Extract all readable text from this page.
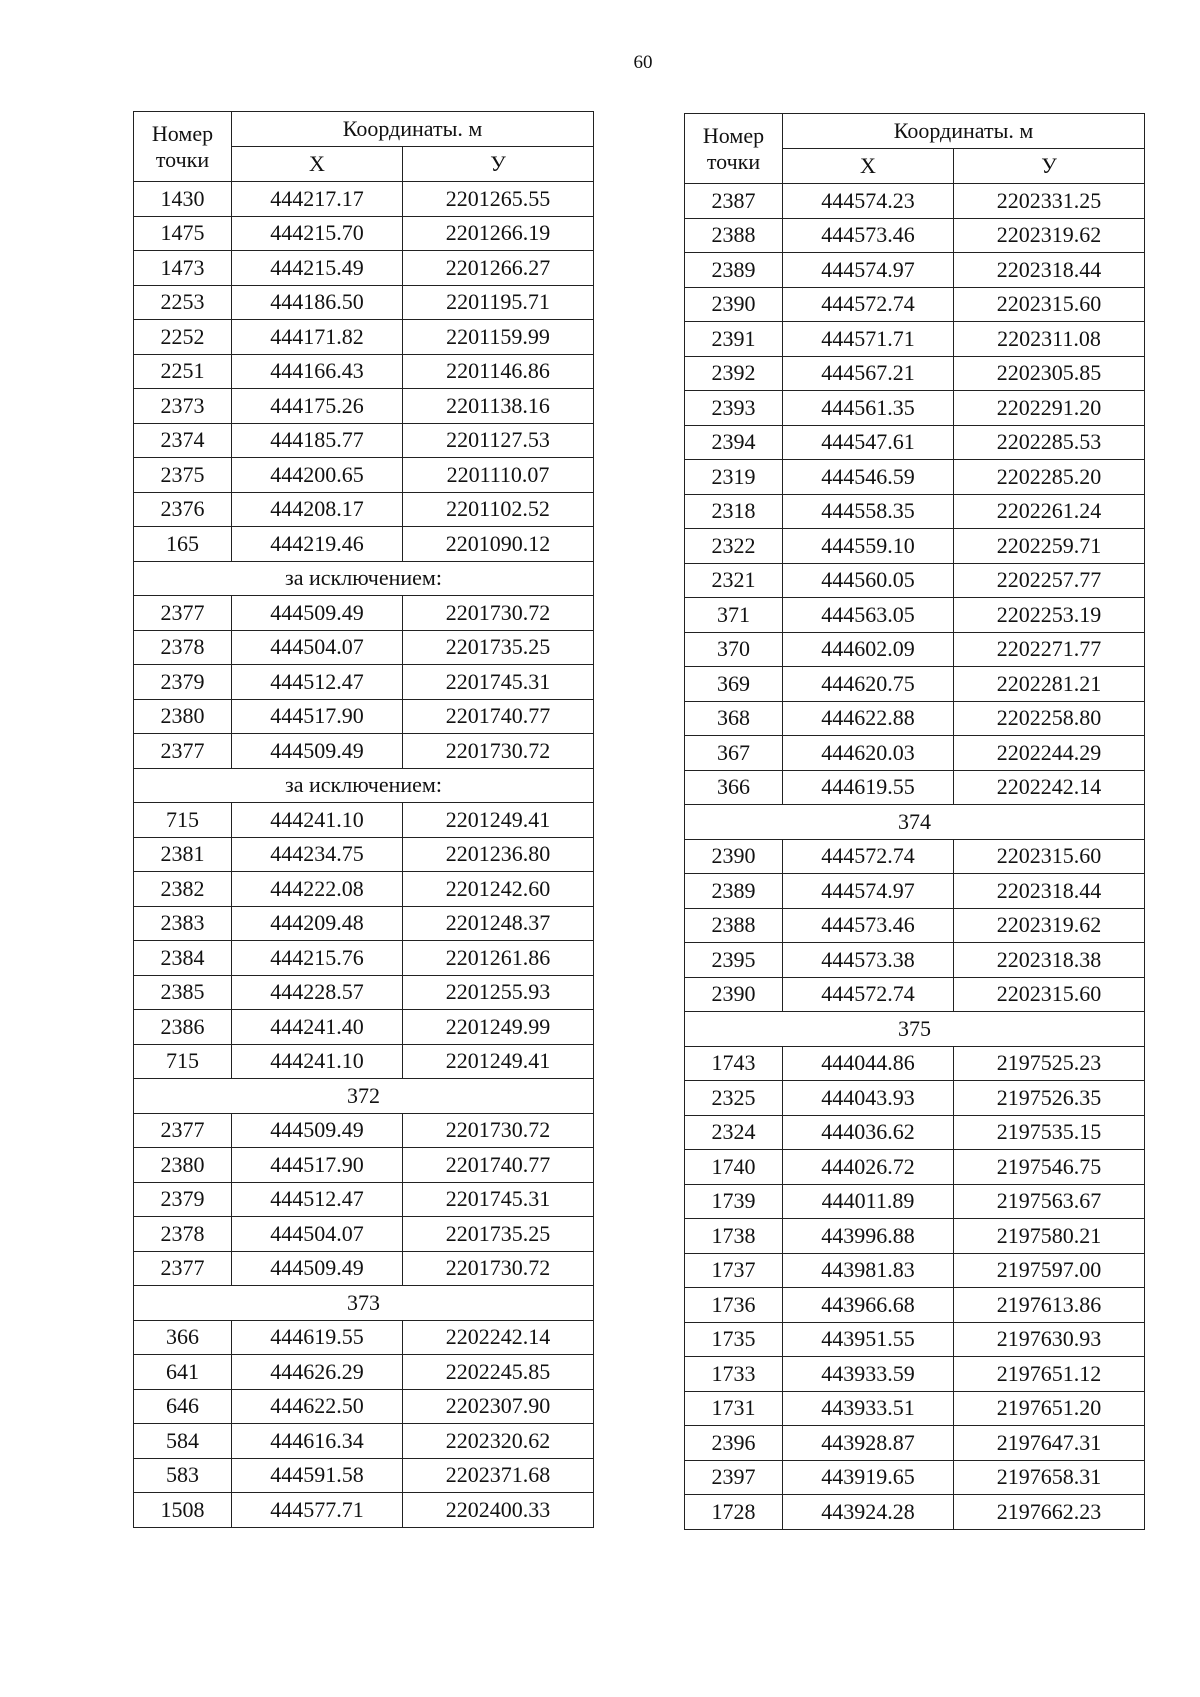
60
Номер точки	Координаты. м	
	X	У
1430	444217.17	2201265.55
1475	444215.70	2201266.19
1473	444215.49	2201266.27
2253	444186.50	2201195.71
2252	444171.82	2201159.99
2251	444166.43	2201146.86
2373	444175.26	2201138.16
2374	444185.77	2201127.53
2375	444200.65	2201110.07
2376	444208.17	2201102.52
165	444219.46	2201090.12
за исключением:		
2377	444509.49	2201730.72
2378	444504.07	2201735.25
2379	444512.47	2201745.31
2380	444517.90	2201740.77
2377	444509.49	2201730.72
за исключением:		
715	444241.10	2201249.41
2381	444234.75	2201236.80
2382	444222.08	2201242.60
2383	444209.48	2201248.37
2384	444215.76	2201261.86
2385	444228.57	2201255.93
2386	444241.40	2201249.99
715	444241.10	2201249.41
372		
2377	444509.49	2201730.72
2380	444517.90	2201740.77
2379	444512.47	2201745.31
2378	444504.07	2201735.25
2377	444509.49	2201730.72
373		
366	444619.55	2202242.14
641	444626.29	2202245.85
646	444622.50	2202307.90
584	444616.34	2202320.62
583	444591.58	2202371.68
1508	444577.71	2202400.33
Номер точки	Координаты. м	
	X	У
2387	444574.23	2202331.25
2388	444573.46	2202319.62
2389	444574.97	2202318.44
2390	444572.74	2202315.60
2391	444571.71	2202311.08
2392	444567.21	2202305.85
2393	444561.35	2202291.20
2394	444547.61	2202285.53
2319	444546.59	2202285.20
2318	444558.35	2202261.24
2322	444559.10	2202259.71
2321	444560.05	2202257.77
371	444563.05	2202253.19
370	444602.09	2202271.77
369	444620.75	2202281.21
368	444622.88	2202258.80
367	444620.03	2202244.29
366	444619.55	2202242.14
374		
2390	444572.74	2202315.60
2389	444574.97	2202318.44
2388	444573.46	2202319.62
2395	444573.38	2202318.38
2390	444572.74	2202315.60
375		
1743	444044.86	2197525.23
2325	444043.93	2197526.35
2324	444036.62	2197535.15
1740	444026.72	2197546.75
1739	444011.89	2197563.67
1738	443996.88	2197580.21
1737	443981.83	2197597.00
1736	443966.68	2197613.86
1735	443951.55	2197630.93
1733	443933.59	2197651.12
1731	443933.51	2197651.20
2396	443928.87	2197647.31
2397	443919.65	2197658.31
1728	443924.28	2197662.23
